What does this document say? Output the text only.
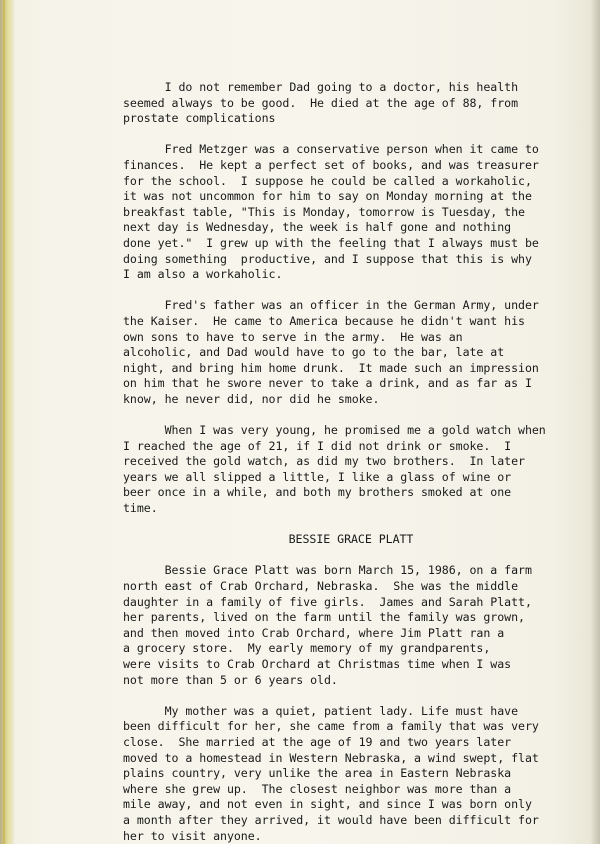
I do not remember Dad going to a doctor, his health
seemed always to be good.  He died at the age of 88, from
prostate complications
Fred Metzger was a conservative person when it came to
finances.  He kept a perfect set of books, and was treasurer
for the school.  I suppose he could be called a workaholic,
it was not uncommon for him to say on Monday morning at the
breakfast table, "This is Monday, tomorrow is Tuesday, the
next day is Wednesday, the week is half gone and nothing
done yet."  I grew up with the feeling that I always must be
doing something  productive, and I suppose that this is why
I am also a workaholic.
Fred's father was an officer in the German Army, under
the Kaiser.  He came to America because he didn't want his
own sons to have to serve in the army.  He was an
alcoholic, and Dad would have to go to the bar, late at
night, and bring him home drunk.  It made such an impression
on him that he swore never to take a drink, and as far as I
know, he never did, nor did he smoke.
When I was very young, he promised me a gold watch when
I reached the age of 21, if I did not drink or smoke.  I
received the gold watch, as did my two brothers.  In later
years we all slipped a little, I like a glass of wine or
beer once in a while, and both my brothers smoked at one
time.
BESSIE GRACE PLATT
Bessie Grace Platt was born March 15, 1986, on a farm
north east of Crab Orchard, Nebraska.  She was the middle
daughter in a family of five girls.  James and Sarah Platt,
her parents, lived on the farm until the family was grown,
and then moved into Crab Orchard, where Jim Platt ran a
a grocery store.  My early memory of my grandparents,
were visits to Crab Orchard at Christmas time when I was
not more than 5 or 6 years old.
My mother was a quiet, patient lady. Life must have
been difficult for her, she came from a family that was very
close.  She married at the age of 19 and two years later
moved to a homestead in Western Nebraska, a wind swept, flat
plains country, very unlike the area in Eastern Nebraska
where she grew up.  The closest neighbor was more than a
mile away, and not even in sight, and since I was born only
a month after they arrived, it would have been difficult for
her to visit anyone.
